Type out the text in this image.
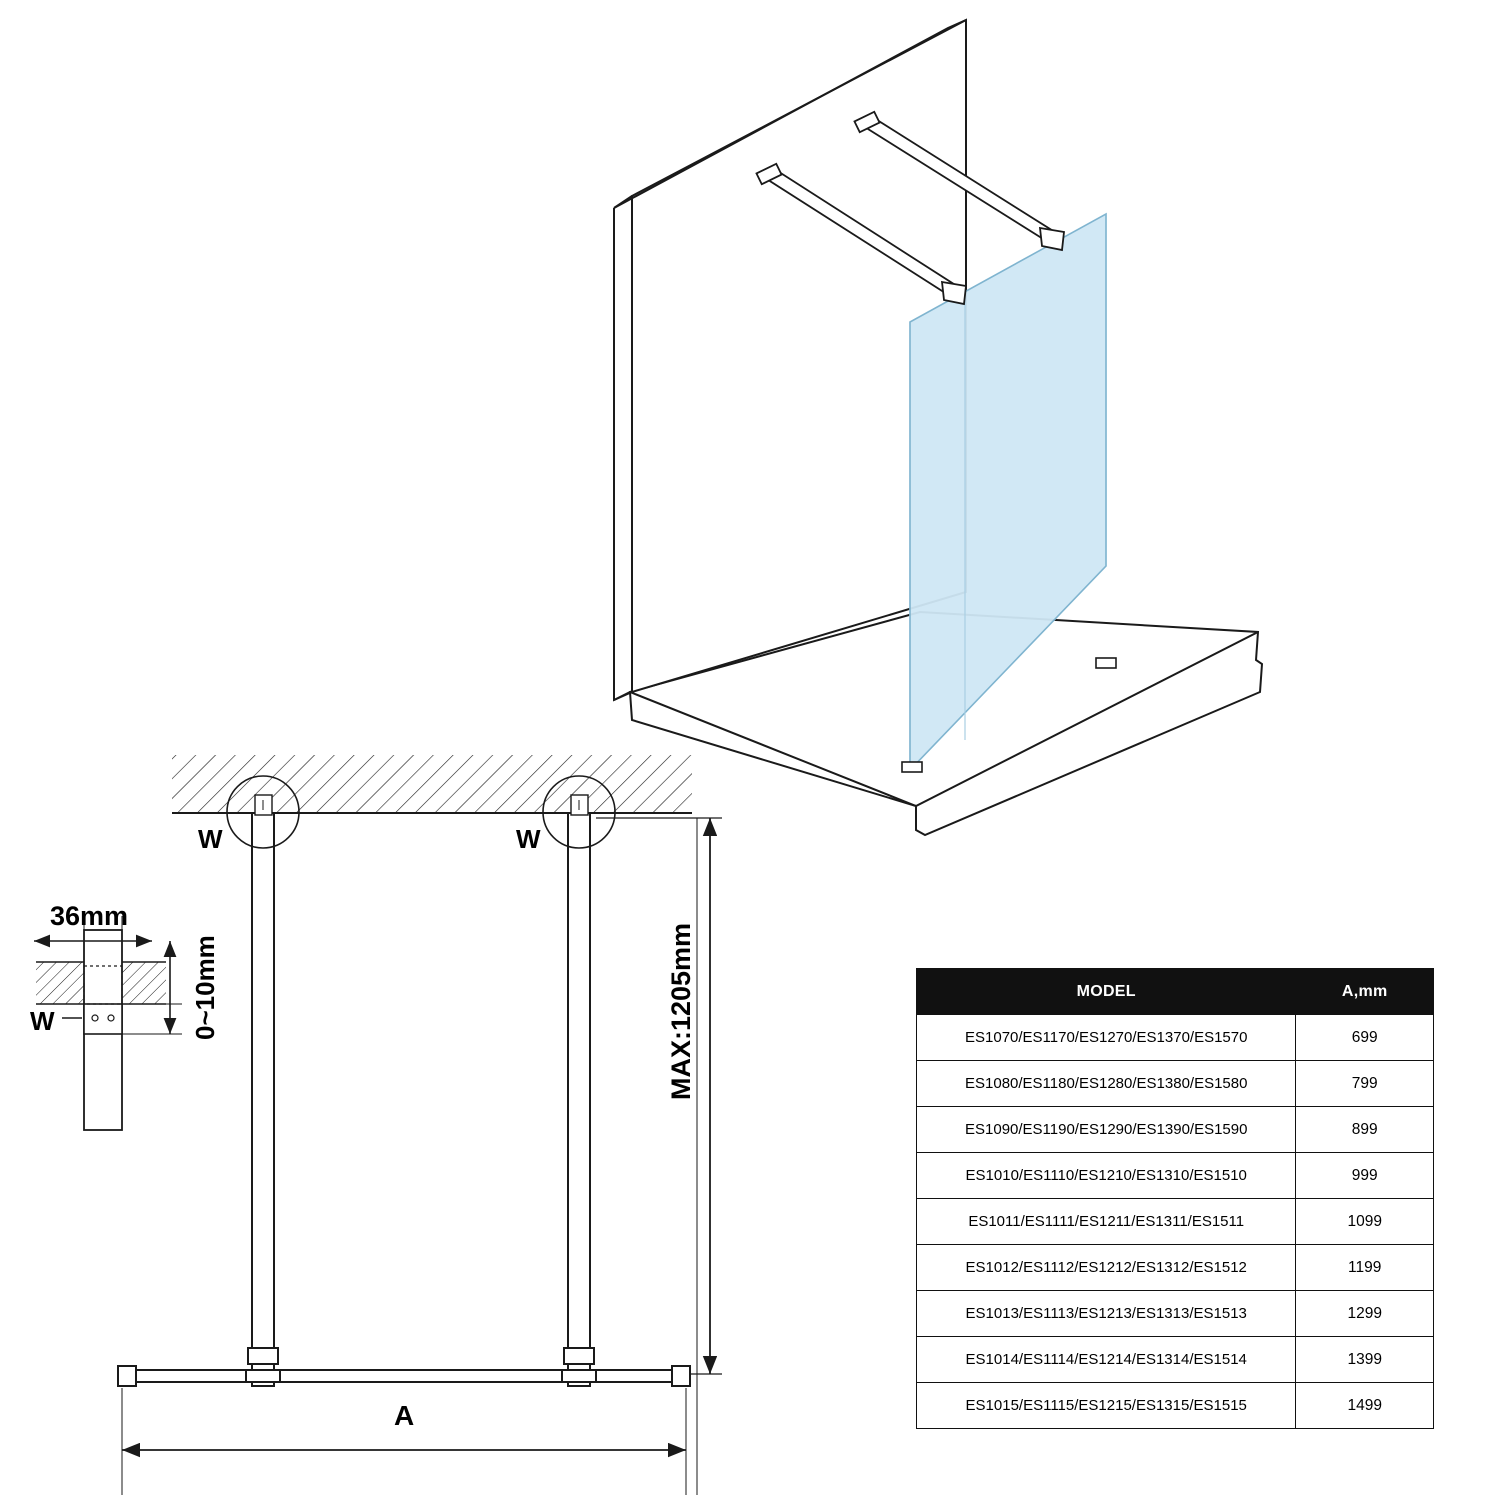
W	W
W
36mm
0~10mm	MAX:1205mm
A
MODEL	A,mm
ES1070/ES1170/ES1270/ES1370/ES1570	699
ES1080/ES1180/ES1280/ES1380/ES1580	799
ES1090/ES1190/ES1290/ES1390/ES1590	899
ES1010/ES1110/ES1210/ES1310/ES1510	999
ES1011/ES1111/ES1211/ES1311/ES1511	1099
ES1012/ES1112/ES1212/ES1312/ES1512	1199
ES1013/ES1113/ES1213/ES1313/ES1513	1299
ES1014/ES1114/ES1214/ES1314/ES1514	1399
ES1015/ES1115/ES1215/ES1315/ES1515	1499
